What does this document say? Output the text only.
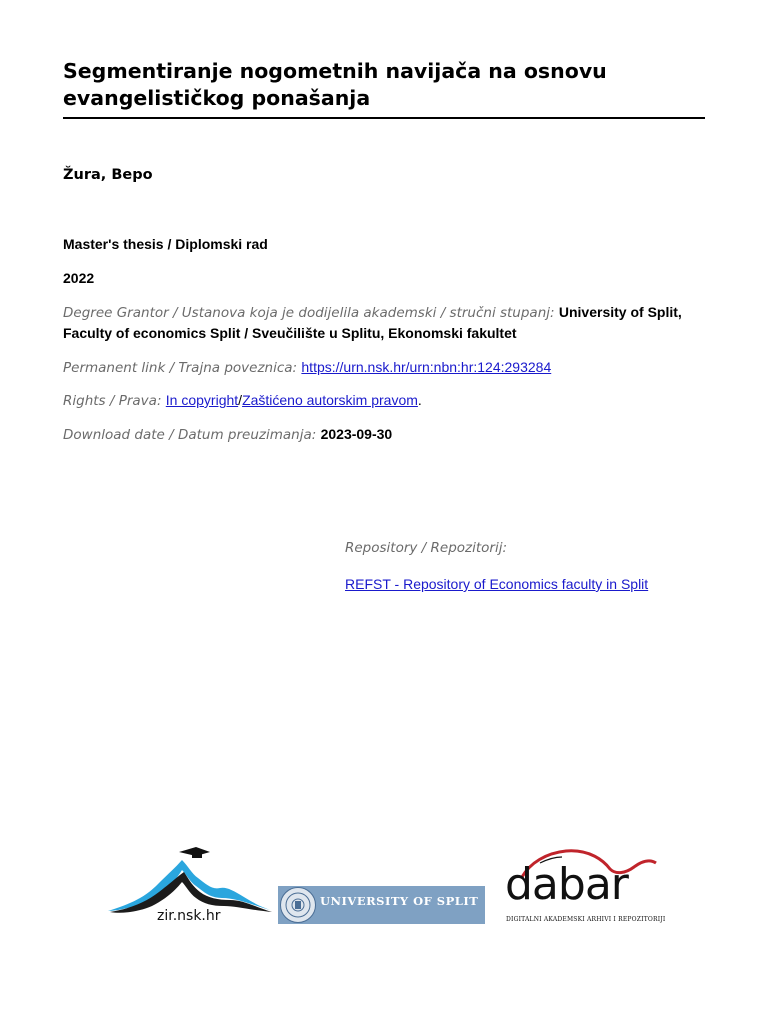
Segmentiranje nogometnih navijača na osnovu evangelističkog ponašanja
Žura, Bepo
Master's thesis / Diplomski rad
2022
Degree Grantor / Ustanova koja je dodijelila akademski / stručni stupanj: University of Split, Faculty of economics Split / Sveučilište u Splitu, Ekonomski fakultet
Permanent link / Trajna poveznica: https://urn.nsk.hr/urn:nbn:hr:124:293284
Rights / Prava: In copyright/Zaštićeno autorskim pravom.
Download date / Datum preuzimanja: 2023-09-30
Repository / Repozitorij:
REFST - Repository of Economics faculty in Split
zir.nsk.hr
UNIVERSITY OF SPLIT dabar
DIGITALNI AKADEMSKI ARHIVI I REPOZITORIJI
